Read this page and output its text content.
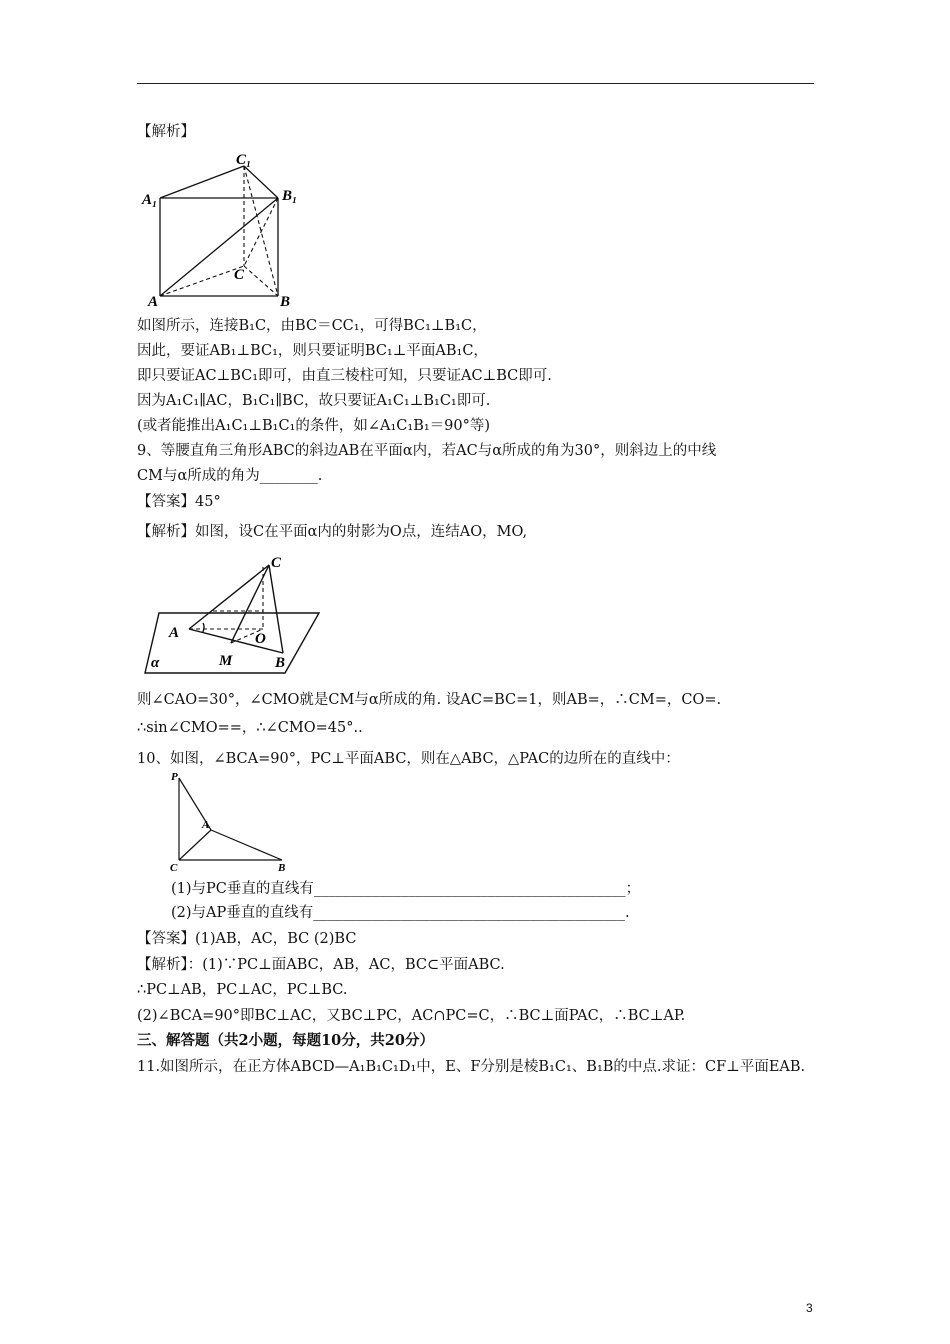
【解析】
C₁
A₁	B₁
C
A	B
如图所示，连接B₁C，由BC＝CC₁，可得BC₁⊥B₁C，
因此，要证AB₁⊥BC₁，则只要证明BC₁⊥平面AB₁C，
即只要证AC⊥BC₁即可，由直三棱柱可知，只要证AC⊥BC即可.
因为A₁C₁∥AC，B₁C₁∥BC，故只要证A₁C₁⊥B₁C₁即可.
(或者能推出A₁C₁⊥B₁C₁的条件，如∠A₁C₁B₁＝90°等)
9、等腰直角三角形ABC的斜边AB在平面α内，若AC与α所成的角为30°，则斜边上的中线
CM与α所成的角为________.
【答案】45°
【解析】如图，设C在平面α内的射影为O点，连结AO，MO,
C
A	O
M	B
α
则∠CAO=30°，∠CMO就是CM与α所成的角. 设AC=BC=1，则AB=，∴CM=，CO=.
∴sin∠CMO==，∴∠CMO=45°..
10、如图，∠BCA=90°，PC⊥平面ABC，则在△ABC，△PAC的边所在的直线中：
P
A
C	B
(1)与PC垂直的直线有___________________________________________；
(2)与AP垂直的直线有___________________________________________.
【答案】(1)AB，AC，BC (2)BC
【解析】：(1)∵PC⊥面ABC，AB，AC，BC⊂平面ABC.
∴PC⊥AB，PC⊥AC，PC⊥BC.
(2)∠BCA=90°即BC⊥AC，又BC⊥PC，AC∩PC=C，∴BC⊥面PAC，∴BC⊥AP.
三、解答题（共2小题，每题10分，共20分）
11.如图所示，在正方体ABCD—A₁B₁C₁D₁中，E、F分别是棱B₁C₁、B₁B的中点.求证：CF⊥平面EAB.
3
